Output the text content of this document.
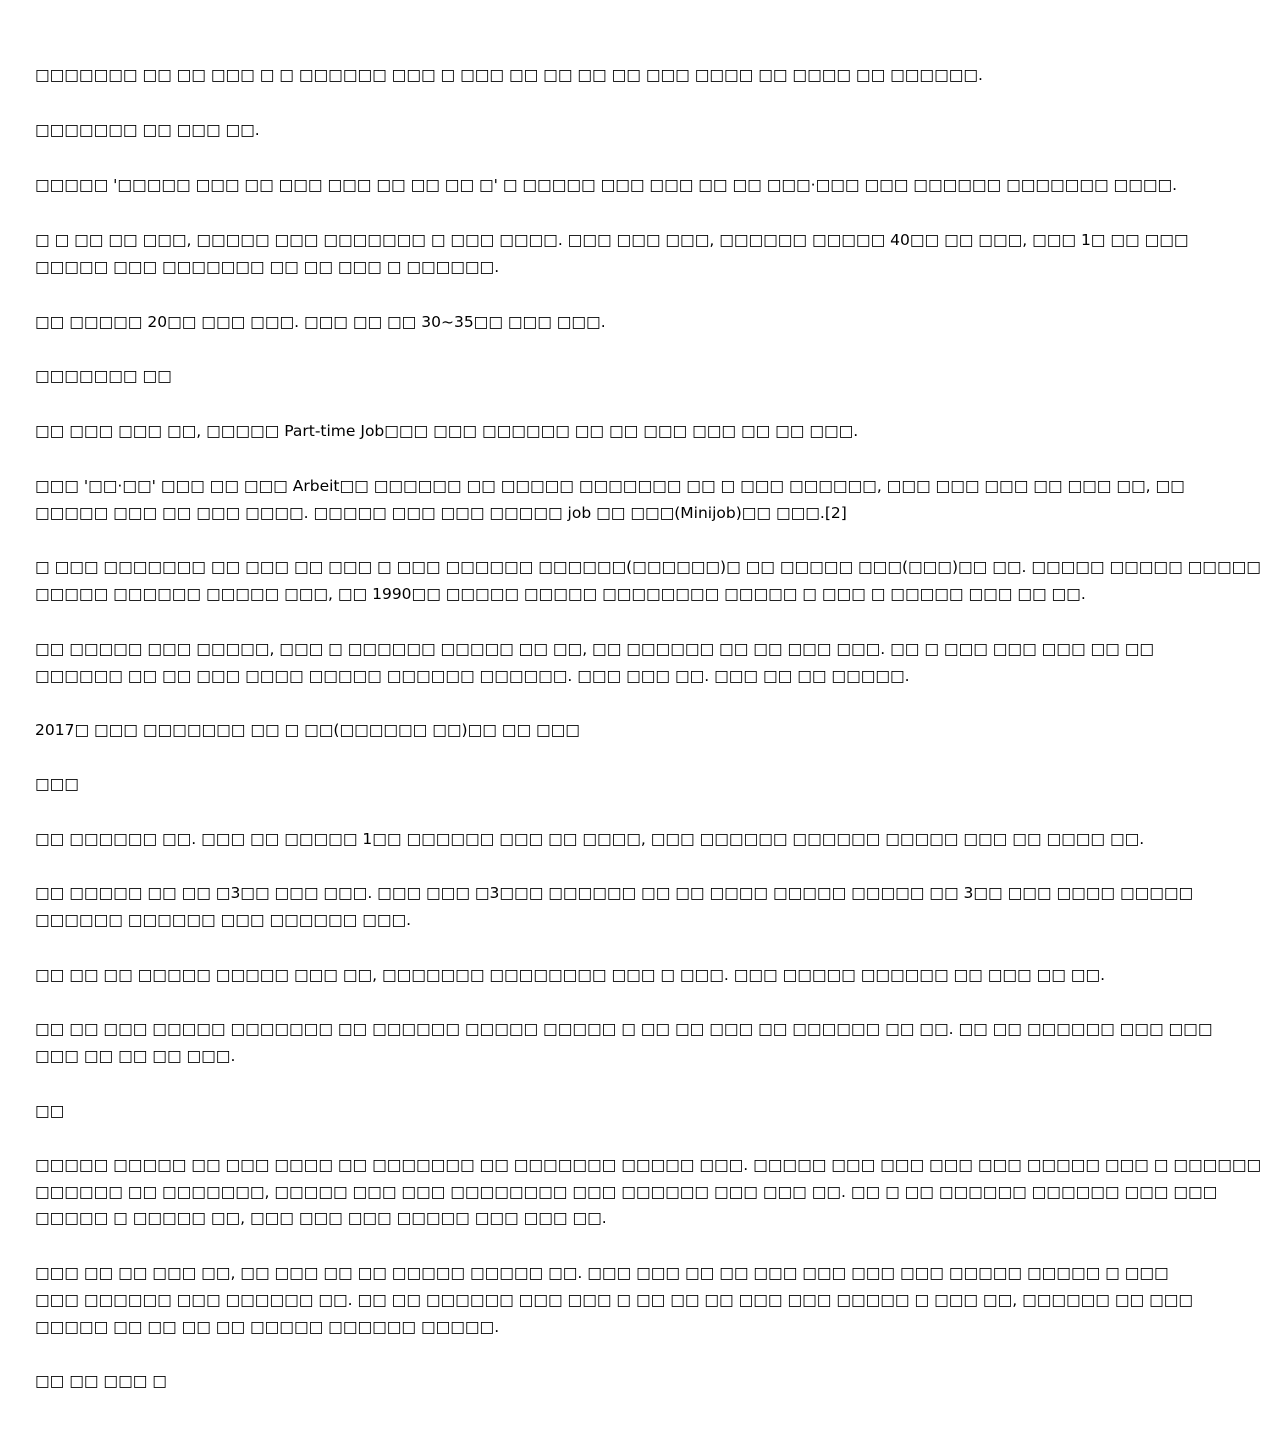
□□□□□□□ □□ □□ □□□ □ □ □□□□□□ □□□ □ □□□ □□ □□ □□ □□ □□□ □□□□ □□ □□□□ □□ □□□□□□.

□□□□□□□ □□ □□□ □□.

□□□□□ '□□□□□ □□□ □□ □□□ □□□ □□ □□ □□ □' □ □□□□□ □□□ □□□ □□ □□ □□□·□□□ □□□ □□□□□□ □□□□□□□ □□□□.

□ □ □□ □□ □□□, □□□□□ □□□ □□□□□□□ □ □□□ □□□□. □□□ □□□ □□□, □□□□□□ □□□□□ 40□□ □□ □□□, □□□ 1□ □□ □□□

□□□□□ □□□ □□□□□□□ □□ □□ □□□ □ □□□□□□.

□□ □□□□□ 20□□ □□□ □□□. □□□ □□ □□ 30~35□□ □□□ □□□.

□□□□□□□ □□

□□ □□□ □□□ □□, □□□□□ Part-time Job□□□ □□□ □□□□□□ □□ □□ □□□ □□□ □□ □□ □□□.

□□□ '□□·□□' □□□ □□ □□□ Arbeit□□ □□□□□□ □□ □□□□□ □□□□□□□ □□ □ □□□ □□□□□□, □□□ □□□ □□□ □□ □□□ □□, □□

□□□□□ □□□ □□ □□□ □□□□. □□□□□ □□□ □□□ □□□□□ job □□ □□□(Minijob)□□ □□□.[2]

□ □□□ □□□□□□□ □□ □□□ □□ □□□ □ □□□ □□□□□□ □□□□□□(□□□□□□)□ □□ □□□□□ □□□(□□□)□□ □□. □□□□□ □□□□□ □□□□□

□□□□□ □□□□□□ □□□□□ □□□, □□ 1990□□ □□□□□ □□□□□ □□□□□□□□ □□□□□ □ □□□ □ □□□□□ □□□ □□ □□.

□□ □□□□□ □□□ □□□□□, □□□ □ □□□□□□ □□□□□ □□ □□, □□ □□□□□□ □□ □□ □□□ □□□. □□ □ □□□ □□□ □□□ □□ □□

□□□□□□ □□ □□ □□□ □□□□ □□□□□ □□□□□□ □□□□□□. □□□ □□□ □□. □□□ □□ □□ □□□□□.

2017□ □□□ □□□□□□□ □□ □ □□(□□□□□□ □□)□□ □□ □□□

□□□

□□ □□□□□□ □□. □□□ □□ □□□□□ 1□□ □□□□□□ □□□ □□ □□□□, □□□ □□□□□□ □□□□□□ □□□□□ □□□ □□ □□□□ □□.

□□ □□□□□ □□ □□ □3□□ □□□ □□□. □□□ □□□ □3□□□ □□□□□□ □□ □□ □□□□ □□□□□ □□□□□ □□ 3□□ □□□ □□□□ □□□□□

□□□□□□ □□□□□□ □□□ □□□□□□ □□□.

□□ □□ □□ □□□□□ □□□□□ □□□ □□, □□□□□□□ □□□□□□□□ □□□ □ □□□. □□□ □□□□□ □□□□□□ □□ □□□ □□ □□.

□□ □□ □□□ □□□□□ □□□□□□□ □□ □□□□□□ □□□□□ □□□□□ □ □□ □□ □□□ □□ □□□□□□ □□ □□. □□ □□ □□□□□□ □□□ □□□

□□□ □□ □□ □□ □□□.

□□

□□□□□ □□□□□ □□ □□□ □□□□ □□ □□□□□□□ □□ □□□□□□□ □□□□□ □□□. □□□□□ □□□ □□□ □□□ □□□ □□□□□ □□□ □ □□□□□□

□□□□□□ □□ □□□□□□□, □□□□□ □□□ □□□ □□□□□□□□ □□□ □□□□□□ □□□ □□□ □□. □□ □ □□ □□□□□□ □□□□□□ □□□ □□□

□□□□□ □ □□□□□ □□, □□□ □□□ □□□ □□□□□ □□□ □□□ □□.

□□□ □□ □□ □□□ □□, □□ □□□ □□ □□ □□□□□ □□□□□ □□. □□□ □□□ □□ □□ □□□ □□□ □□□ □□□ □□□□□ □□□□□ □ □□□

□□□ □□□□□□ □□□ □□□□□□ □□. □□ □□ □□□□□□ □□□ □□□ □ □□ □□ □□ □□□ □□□ □□□□□ □ □□□ □□, □□□□□□ □□ □□□

□□□□□ □□ □□ □□ □□ □□□□□ □□□□□□ □□□□□.

□□ □□ □□□ □
